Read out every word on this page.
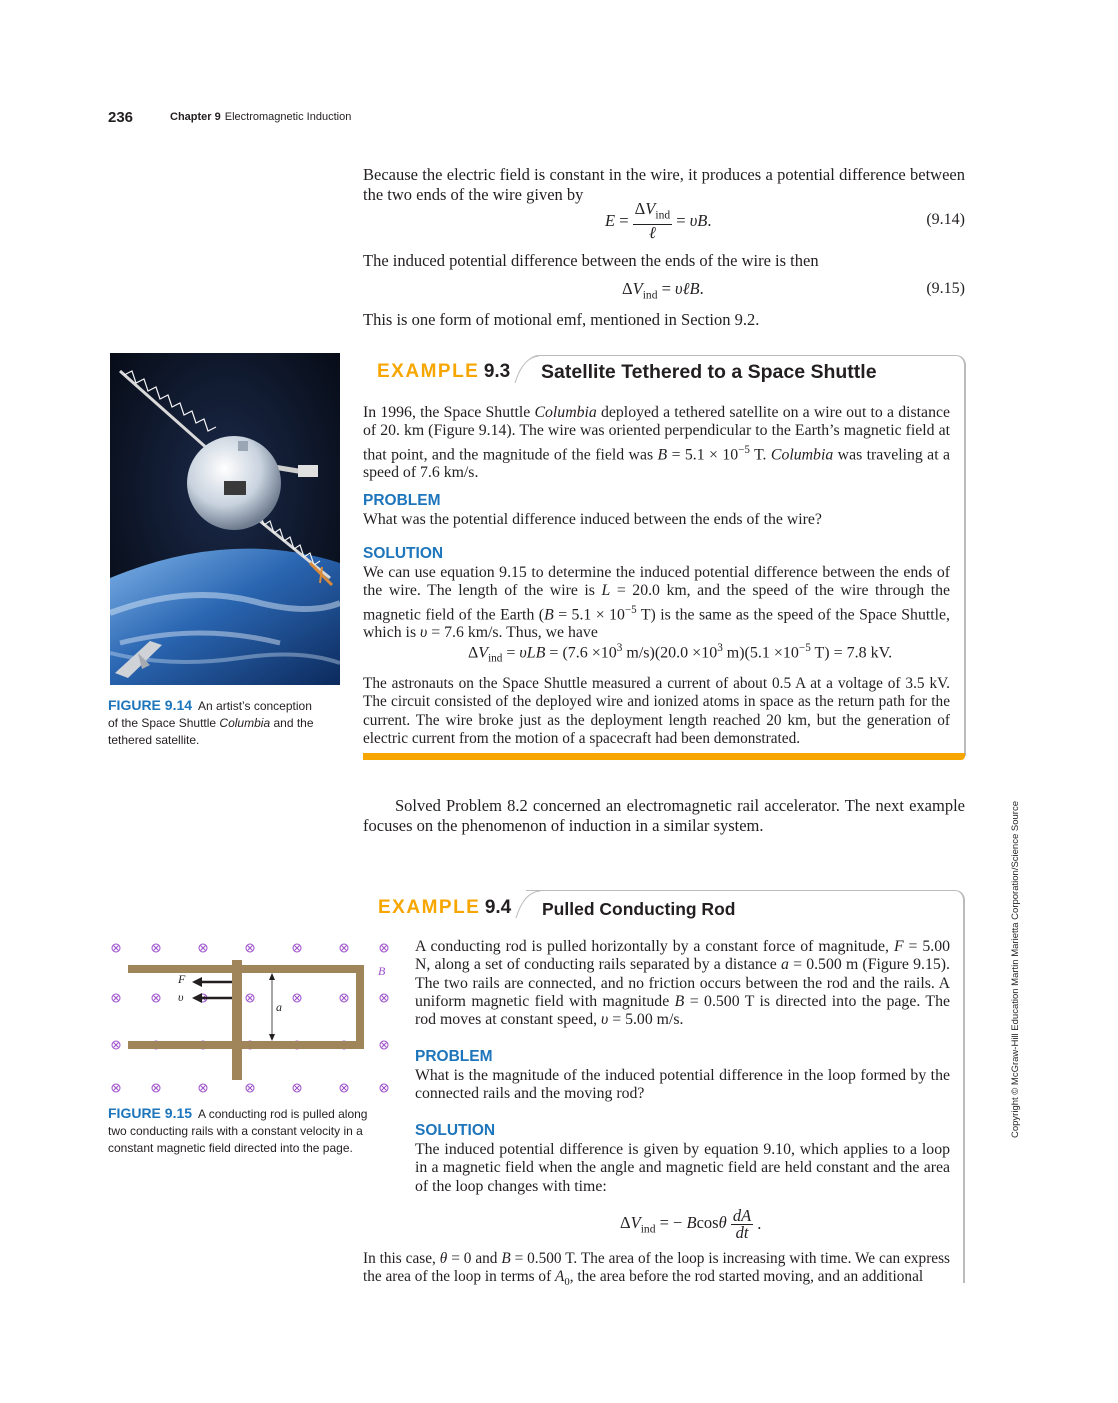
236	Chapter 9 Electromagnetic Induction
Because the electric field is constant in the wire, it produces a potential difference between the two ends of the wire given by
E =
$\Delta V_{ind}$
ℓ
= υB.	(9.14)
The induced potential difference between the ends of the wire is then
$\Delta V_{ind}$ = υℓB.	(9.15)
This is one form of motional emf, mentioned in Section 9.2.
FIGURE 9.14 An artist’s conception of the Space Shuttle Columbia and the tethered satellite.
EXAMPLE 9.3 Satellite Tethered to a Space Shuttle
In 1996, the Space Shuttle Columbia deployed a tethered satellite on a wire out to a distance of 20. km (Figure 9.14). The wire was oriented perpendicular to the Earth’s magnetic field at that point, and the magnitude of the field was $B = 5.1 \times 10^{-5}$ T. Columbia was traveling at a speed of 7.6 km/s.
PROBLEM
What was the potential difference induced between the ends of the wire?
SOLUTION
We can use equation 9.15 to determine the induced potential difference between the ends of the wire. The length of the wire is L = 20.0 km, and the speed of the wire through the magnetic field of the Earth ($B = 5.1 \times 10^{-5}$ T) is the same as the speed of the Space Shuttle, which is υ = 7.6 km/s. Thus, we have
$\Delta V_{ind} = \upsilon LB = (7.6 \times 10^3$ $m/s)(20.0 \times 10^3$ $m)(5.1 \times 10^{-5}$ T) = 7.8 kV.
The astronauts on the Space Shuttle measured a current of about 0.5 A at a voltage of 3.5 kV. The circuit consisted of the deployed wire and ionized atoms in space as the return path for the current. The wire broke just as the deployment length reached 20 km, but the generation of electric current from the motion of a spacecraft had been demonstrated.
Solved Problem 8.2 concerned an electromagnetic rail accelerator. The next example focuses on the phenomenon of induction in a similar system.	Copyright © McGraw-Hill Education Martin Marietta Corporation/Science Source
EXAMPLE 9.4 Pulled Conducting Rod
F⃗
υ⃗
a
B⃗
FIGURE 9.15 A conducting rod is pulled along two conducting rails with a constant velocity in a constant magnetic field directed into the page.
A conducting rod is pulled horizontally by a constant force of magnitude, F = 5.00 N, along a set of conducting rails separated by a distance a = 0.500 m (Figure 9.15). The two rails are connected, and no friction occurs between the rod and the rails. A uniform magnetic field with magnitude B = 0.500 T is directed into the page. The rod moves at constant speed, υ = 5.00 m/s.
PROBLEM
What is the magnitude of the induced potential difference in the loop formed by the connected rails and the moving rod?
SOLUTION
The induced potential difference is given by equation 9.10, which applies to a loop in a magnetic field when the angle and magnetic field are held constant and the area of the loop changes with time:
$\Delta V_{ind}$ = − Bcosθ $\frac{dA}{dt}$ .
In this case, θ = 0 and B = 0.500 T. The area of the loop is increasing with time. We can express the area of the loop in terms of $A_0$, the area before the rod started moving, and an additional
